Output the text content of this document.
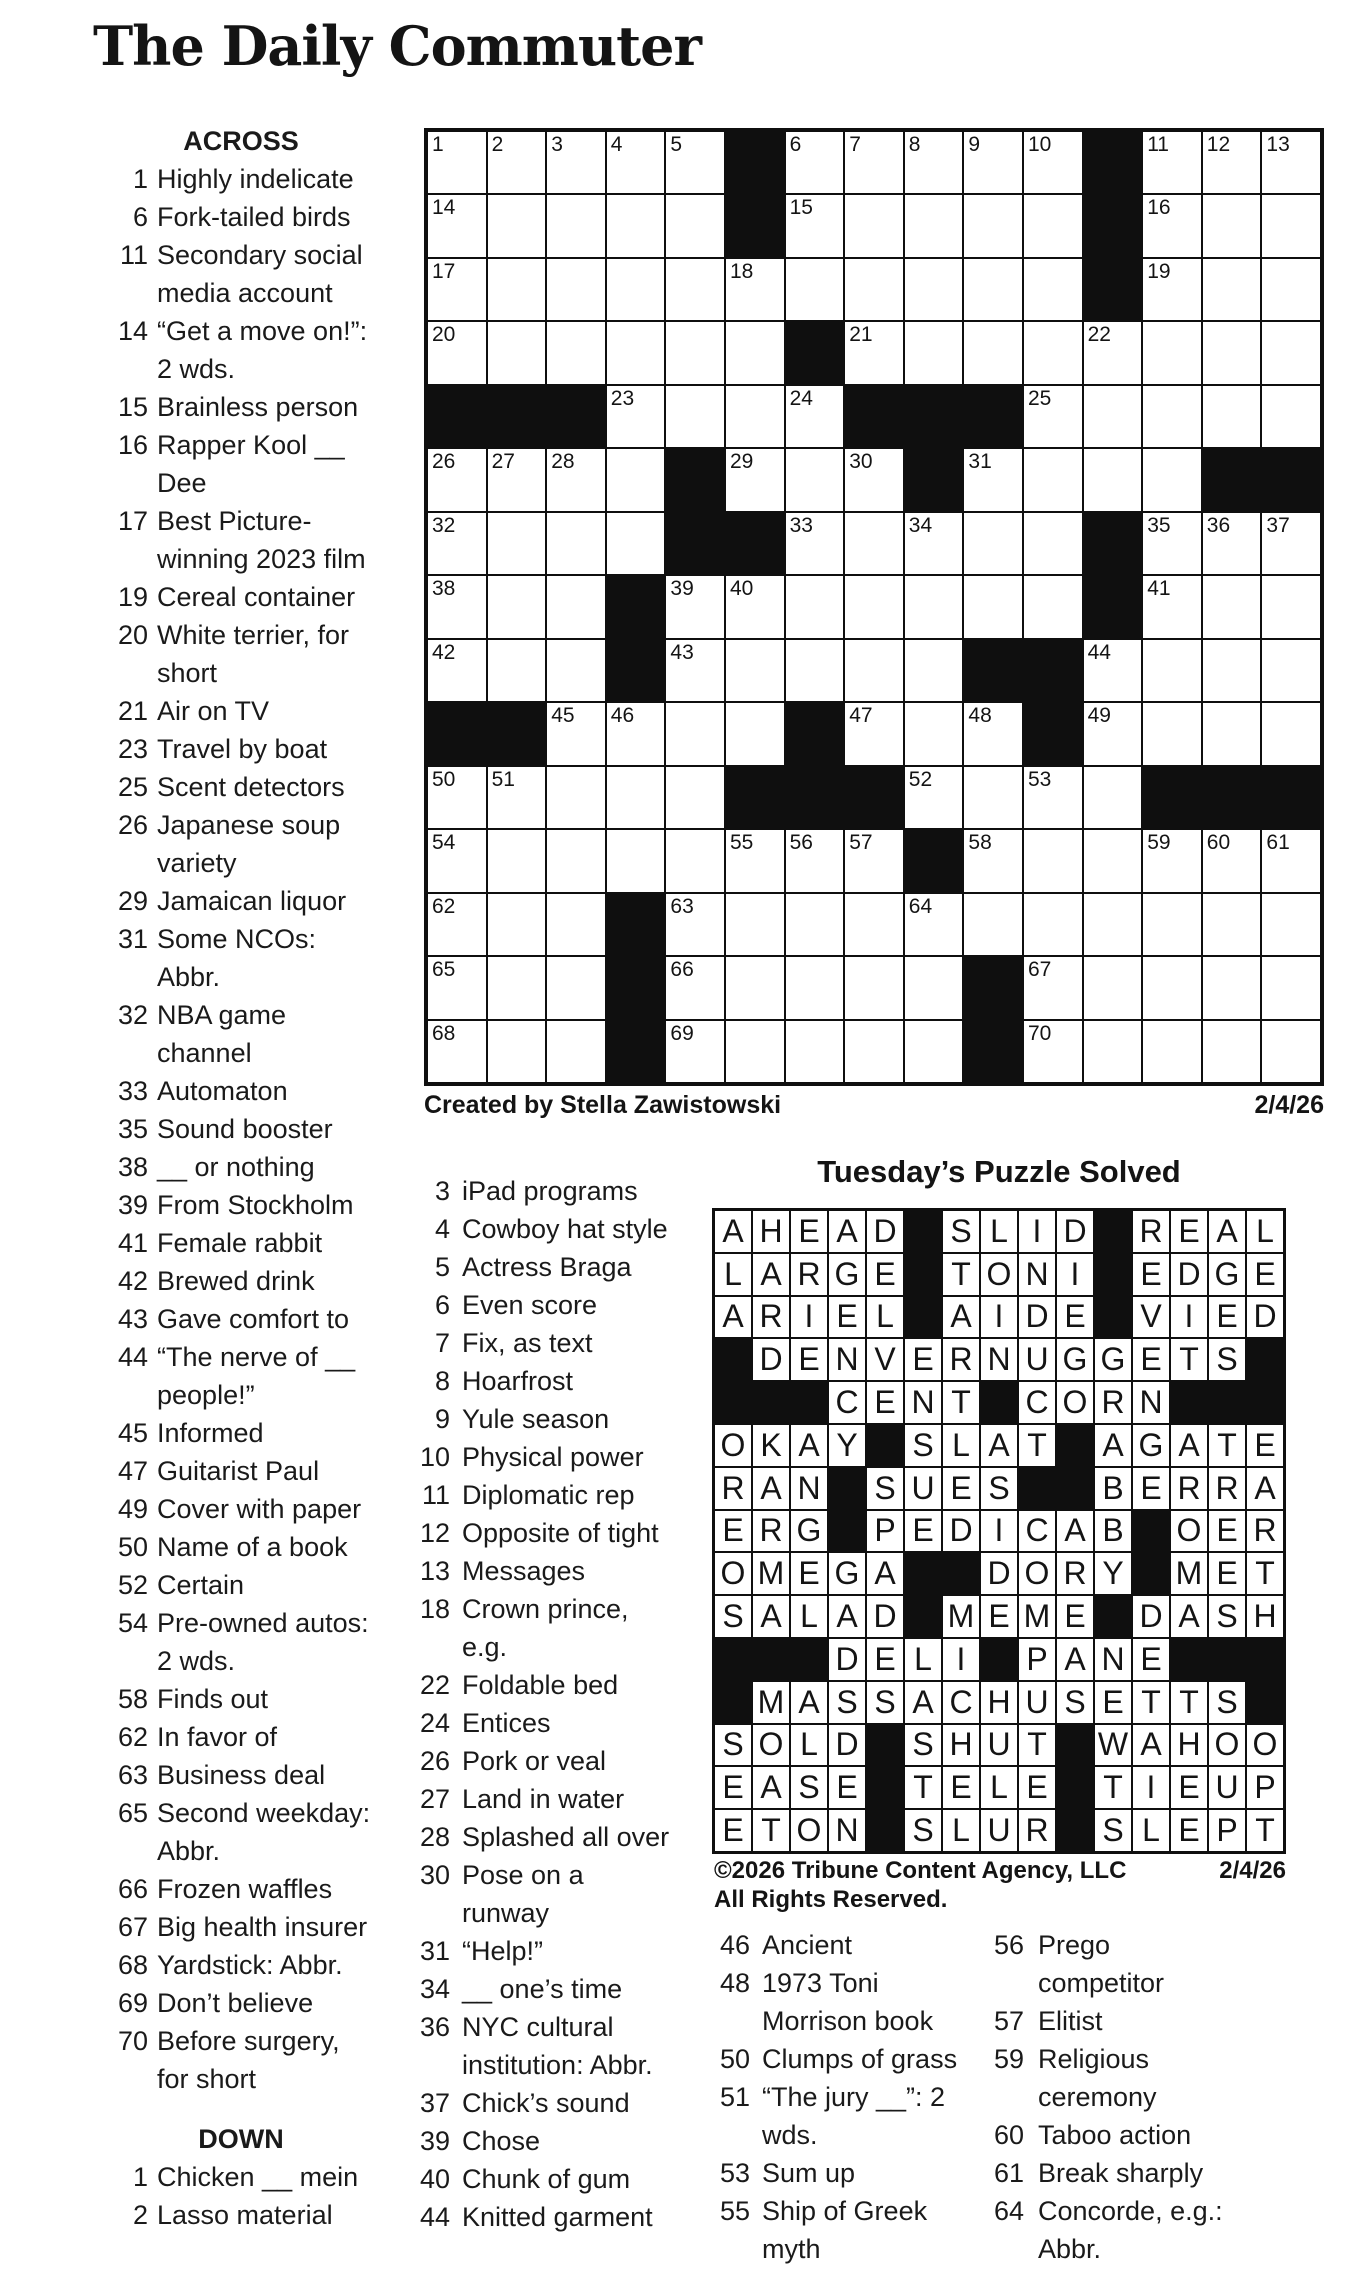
The Daily Commuter
ACROSS
1 Highly indelicate
6 Fork-tailed birds
11 Secondary social
media account
14 “Get a move on!”:
2 wds.
15 Brainless person
16 Rapper Kool __
Dee
17 Best Picture-
winning 2023 film
19 Cereal container
20 White terrier, for
short
21 Air on TV
23 Travel by boat
25 Scent detectors
26 Japanese soup
variety
29 Jamaican liquor
31 Some NCOs:
Abbr.
32 NBA game
channel
33 Automaton
35 Sound booster
38 __ or nothing
39 From Stockholm
41 Female rabbit
42 Brewed drink
43 Gave comfort to
44 “The nerve of __
people!”
45 Informed
47 Guitarist Paul
49 Cover with paper
50 Name of a book
52 Certain
54 Pre-owned autos:
2 wds.
58 Finds out
62 In favor of
63 Business deal
65 Second weekday:
Abbr.
66 Frozen waffles
67 Big health insurer
68 Yardstick: Abbr.
69 Don’t believe
70 Before surgery,
for short
DOWN
1 Chicken __ mein
2 Lasso material
3 iPad programs
4 Cowboy hat style
5 Actress Braga
6 Even score
7 Fix, as text
8 Hoarfrost
9 Yule season
10 Physical power
11 Diplomatic rep
12 Opposite of tight
13 Messages
18 Crown prince,
e.g.
22 Foldable bed
24 Entices
26 Pork or veal
27 Land in water
28 Splashed all over
30 Pose on a
runway
31 “Help!”
34 __ one’s time
36 NYC cultural
institution: Abbr.
37 Chick’s sound
39 Chose
40 Chunk of gum
44 Knitted garment
1 2 3 4 5	6 7 8 9 10	11 12 13
14	15	16
17	18	19
20	21	22
23	24	25
26 27 28	29	30	31
32	33	34	35 36 37
38	39 40	41
42	43	44
45 46	47	48	49
50 51	52	53
54	55 56 57	58	59 60 61
62	63	64
65	66	67
68	69	70
Created by Stella Zawistowski	2/4/26
Tuesday’s Puzzle Solved
A H E A D S L I D R E A L
L A R G E T O N I	E D G E
A R I E L	A I D E V I E D
D E N V E R N U G G E T S
C E N T C O R N
O K A Y S L A T A G A T E
R A N S U E S	B E R R A
E R G P E D I C A B O E R
O M E G A	D O R Y M E T
S A L A D M E M E D A S H
D E L I	P A N E
M A S S A C H U S E T T S
S O L D S H U T W A H O O
E A S E T E L E T I E U P
E T O N S L U R S L E P T
©2026 Tribune Content Agency, LLC	2/4/26
All Rights Reserved.
46 Ancient
48 1973 Toni
Morrison book
50 Clumps of grass
51 “The jury __”: 2
wds.
53 Sum up
55 Ship of Greek
myth
56 Prego
competitor
57 Elitist
59 Religious
ceremony
60 Taboo action
61 Break sharply
64 Concorde, e.g.:
Abbr.
